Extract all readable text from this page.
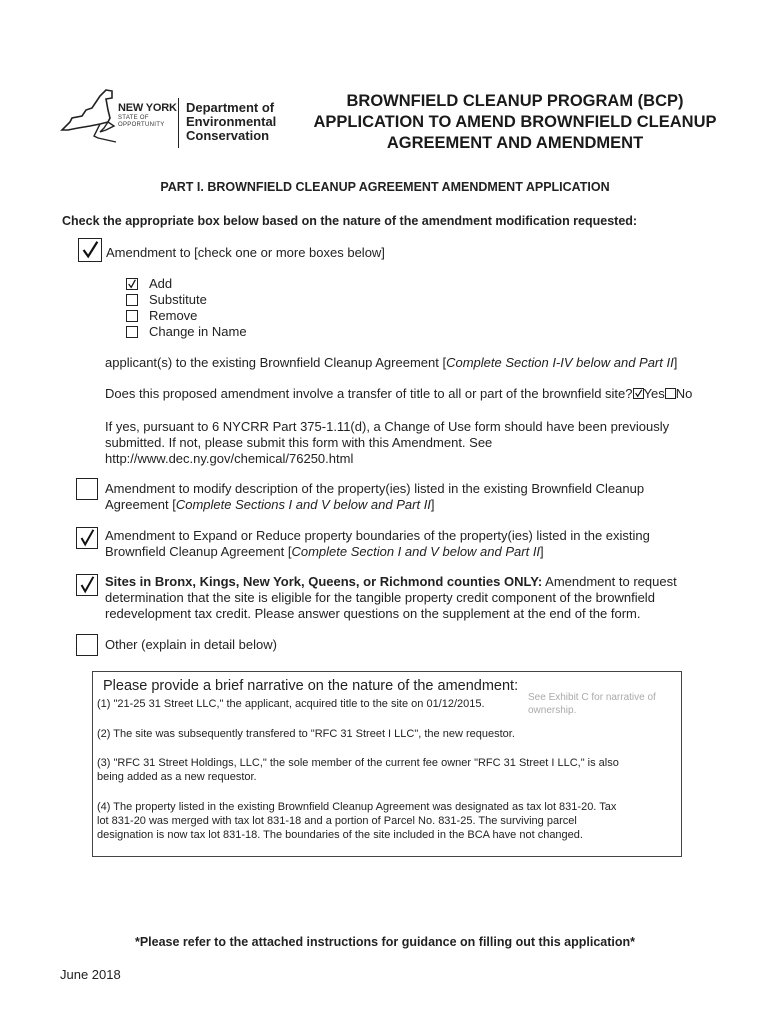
NEW YORK
STATE OF
OPPORTUNITY
Department of
Environmental
Conservation
BROWNFIELD CLEANUP PROGRAM (BCP)
APPLICATION TO AMEND BROWNFIELD CLEANUP
AGREEMENT AND AMENDMENT
PART I. BROWNFIELD CLEANUP AGREEMENT AMENDMENT APPLICATION
Check the appropriate box below based on the nature of the amendment modification requested:
Amendment to [check one or more boxes below]
Add
Substitute
Remove
Change in Name
applicant(s) to the existing Brownfield Cleanup Agreement [Complete Section I-IV below and Part II]
Does this proposed amendment involve a transfer of title to all or part of the brownfield site? Yes No
If yes, pursuant to 6 NYCRR Part 375-1.11(d), a Change of Use form should have been previously
submitted. If not, please submit this form with this Amendment. See
http://www.dec.ny.gov/chemical/76250.html
Amendment to modify description of the property(ies) listed in the existing Brownfield Cleanup
Agreement [Complete Sections I and V below and Part II]
Amendment to Expand or Reduce property boundaries of the property(ies) listed in the existing
Brownfield Cleanup Agreement [Complete Section I and V below and Part II]
Sites in Bronx, Kings, New York, Queens, or Richmond counties ONLY: Amendment to request
determination that the site is eligible for the tangible property credit component of the brownfield
redevelopment tax credit. Please answer questions on the supplement at the end of the form.
Other (explain in detail below)
Please provide a brief narrative on the nature of the amendment:
(1) "21-25 31 Street LLC," the applicant, acquired title to the site on 01/12/2015.
See Exhibit C for narrative of ownership.
(2) The site was subsequently transfered to "RFC 31 Street I LLC", the new requestor.
(3) "RFC 31 Street Holdings, LLC," the sole member of the current fee owner "RFC 31 Street I LLC," is also
being added as a new requestor.
(4) The property listed in the existing Brownfield Cleanup Agreement was designated as tax lot 831-20. Tax
lot 831-20 was merged with tax lot 831-18 and a portion of Parcel No. 831-25. The surviving parcel
designation is now tax lot 831-18. The boundaries of the site included in the BCA have not changed.
*Please refer to the attached instructions for guidance on filling out this application*
June 2018
